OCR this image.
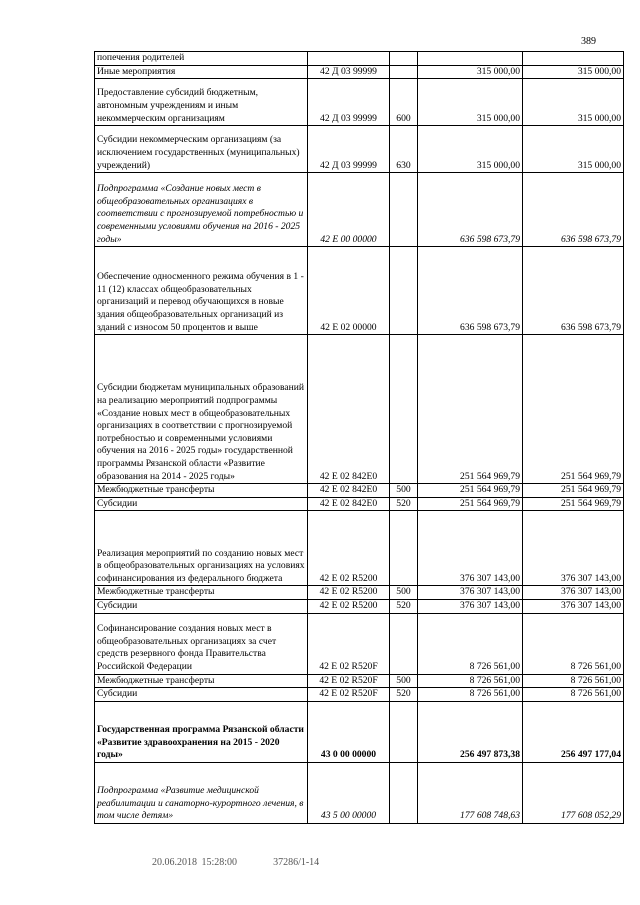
389
попечения родителей				
Иные мероприятия	42 Д 03 99999		315 000,00	315 000,00
Предоставление субсидий бюджетным, автономным учреждениям и иным некоммерческим организациям	42 Д 03 99999	600	315 000,00	315 000,00
Субсидии некоммерческим организациям (за исключением государственных (муниципальных) учреждений)	42 Д 03 99999	630	315 000,00	315 000,00
Подпрограмма «Создание новых мест в общеобразовательных организациях в соответствии с прогнозируемой потребностью и современными условиями обучения на 2016 - 2025 годы»	42 Е 00 00000		636 598 673,79	636 598 673,79
Обеспечение односменного режима обучения в 1 - 11 (12) классах общеобразовательных организаций и перевод обучающихся в новые здания общеобразовательных организаций из зданий с износом 50 процентов и выше	42 Е 02 00000		636 598 673,79	636 598 673,79
Субсидии бюджетам муниципальных образований на реализацию мероприятий подпрограммы «Создание новых мест в общеобразовательных организациях в соответствии с прогнозируемой потребностью и современными условиями обучения на 2016 - 2025 годы» государственной программы Рязанской области «Развитие образования на 2014 - 2025 годы»	42 Е 02 842Е0		251 564 969,79	251 564 969,79
Межбюджетные трансферты	42 Е 02 842Е0	500	251 564 969,79	251 564 969,79
Субсидии	42 Е 02 842Е0	520	251 564 969,79	251 564 969,79
Реализация мероприятий по созданию новых мест в общеобразовательных организациях на условиях софинансирования из федерального бюджета	42 Е 02 R5200		376 307 143,00	376 307 143,00
Межбюджетные трансферты	42 Е 02 R5200	500	376 307 143,00	376 307 143,00
Субсидии	42 Е 02 R5200	520	376 307 143,00	376 307 143,00
Софинансирование создания новых мест в общеобразовательных организациях за счет средств резервного фонда Правительства Российской Федерации	42 Е 02 R520F		8 726 561,00	8 726 561,00
Межбюджетные трансферты	42 Е 02 R520F	500	8 726 561,00	8 726 561,00
Субсидии	42 Е 02 R520F	520	8 726 561,00	8 726 561,00
Государственная программа Рязанской области «Развитие здравоохранения на 2015 - 2020 годы»	43 0 00 00000		256 497 873,38	256 497 177,04
Подпрограмма «Развитие медицинской реабилитации и санаторно-курортного лечения, в том числе детям»	43 5 00 00000		177 608 748,63	177 608 052,29
20.06.2018 15:28:00	37286/1-14
